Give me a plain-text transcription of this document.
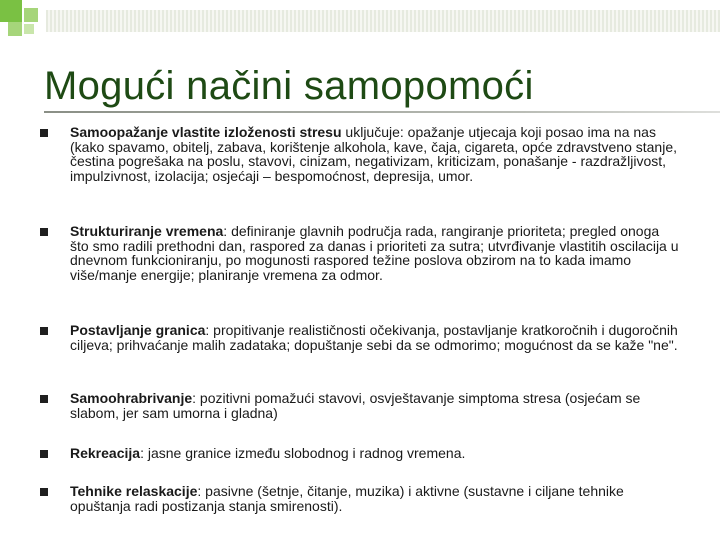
Mogući načini samopomoći
Samoopažanje vlastite izloženosti stresu uključuje: opažanje utjecaja koji posao ima na nas (kako spavamo, obitelj, zabava, korištenje alkohola, kave, čaja, cigareta, opće zdravstveno stanje, čestina pogrešaka na poslu, stavovi, cinizam, negativizam, kriticizam, ponašanje - razdražljivost, impulzivnost, izolacija; osjećaji – bespomoćnost, depresija, umor.
Strukturiranje vremena: definiranje glavnih područja rada, rangiranje prioriteta; pregled onoga što smo radili prethodni dan, raspored za danas i prioriteti za sutra; utvrđivanje vlastitih oscilacija u dnevnom funkcioniranju, po mogunosti raspored težine poslova obzirom na to kada imamo više/manje energije; planiranje vremena za odmor.
Postavljanje granica: propitivanje realističnosti očekivanja, postavljanje kratkoročnih i dugoročnih ciljeva; prihvaćanje malih zadataka; dopuštanje sebi da se odmorimo; mogućnost da se kaže "ne".
Samoohrabrivanje: pozitivni pomažući stavovi, osvještavanje simptoma stresa (osjećam se slabom, jer sam umorna i gladna)
Rekreacija: jasne granice između slobodnog i radnog vremena.
Tehnike relaskacije: pasivne (šetnje, čitanje, muzika) i aktivne (sustavne i ciljane tehnike opuštanja radi postizanja stanja smirenosti).
